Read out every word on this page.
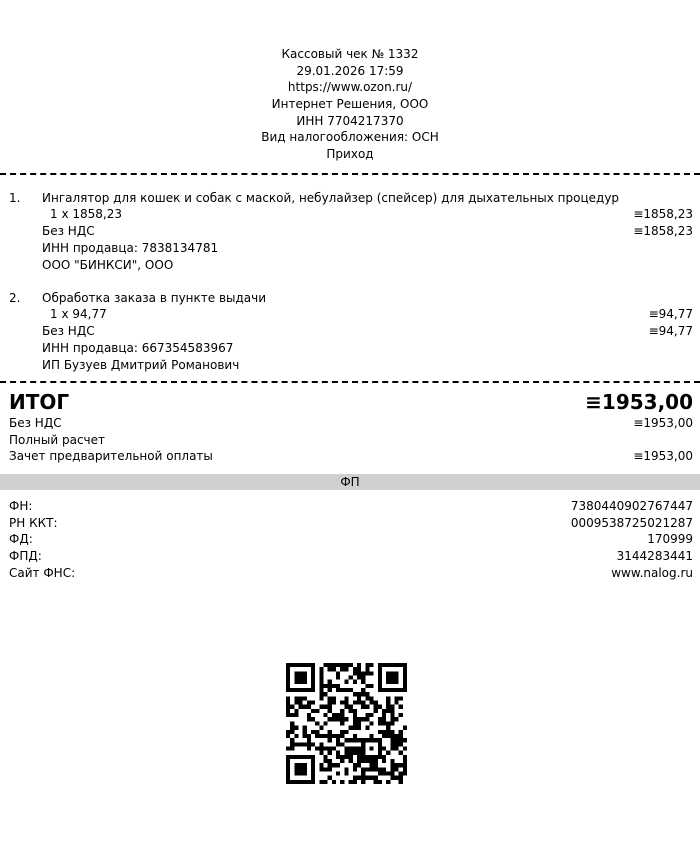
Кассовый чек № 1332
29.01.2026 17:59
https://www.ozon.ru/
Интернет Решения, ООО
ИНН 7704217370
Вид налогообложения: ОСН
Приход
1. Ингалятор для кошек и собак с маской, небулайзер (спейсер) для дыхательных процедур
1 x 1858,23	≡1858,23
Без НДС	≡1858,23
ИНН продавца: 7838134781
ООО "БИНКСИ", ООО
2. Обработка заказа в пункте выдачи
1 x 94,77	≡94,77
Без НДС	≡94,77
ИНН продавца: 667354583967
ИП Бузуев Дмитрий Романович
ИТОГ	≡1953,00
Без НДС	≡1953,00
Полный расчет
Зачет предварительной оплаты	≡1953,00
ФП
ФН:	7380440902767447
РН ККТ:	0009538725021287
ФД:	170999
ФПД:	3144283441
Сайт ФНС:	www.nalog.ru
